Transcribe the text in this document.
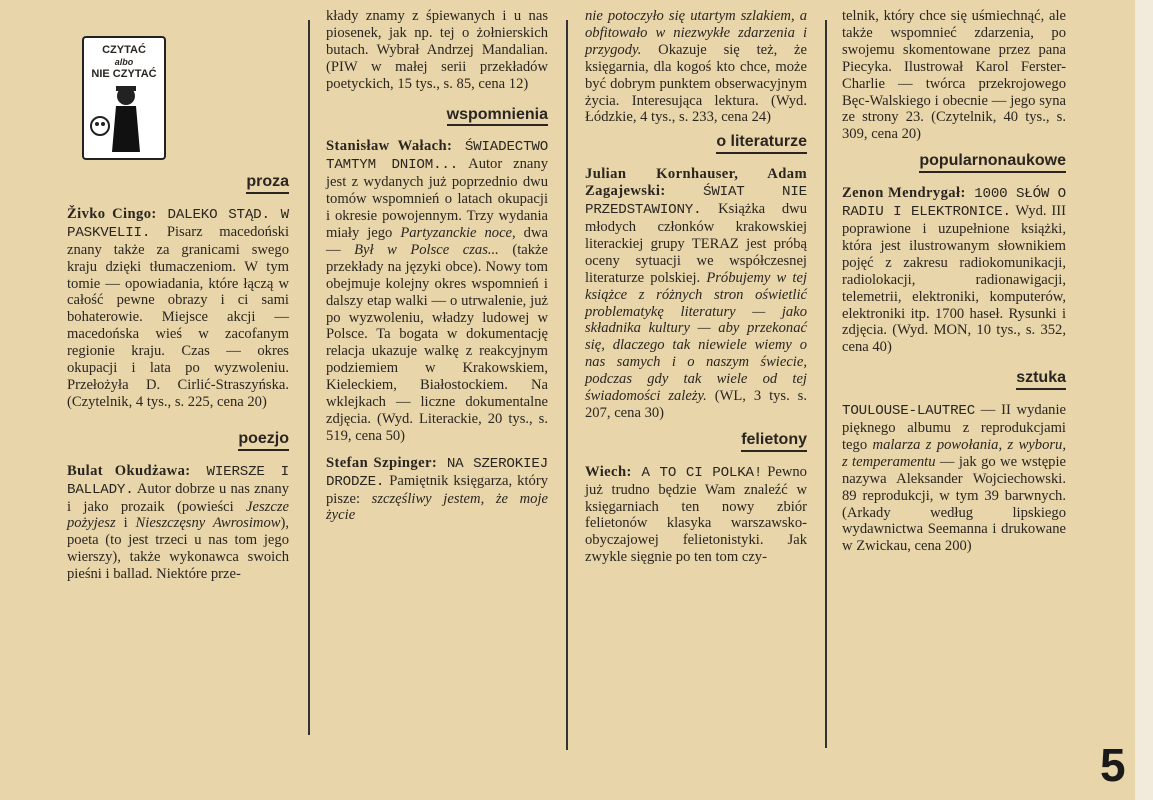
CZYTAĆ
albo
NIE CZYTAĆ
proza

Živko Cingo: DALEKO STĄD. W PASKVELII. Pisarz macedoński znany także za granicami swego kraju dzięki tłumaczeniom. W tym tomie — opowiadania, które łączą w całość pewne obrazy i ci sami bohaterowie. Miejsce akcji — macedońska wieś w zacofanym regionie kraju. Czas — okres okupacji i lata po wyzwoleniu. Przełożyła D. Cirlić-Straszyńska. (Czytelnik, 4 tys., s. 225, cena 20)

poezjo

Bulat Okudżawa: WIERSZE I BALLADY. Autor dobrze u nas znany i jako prozaik (powieści Jeszcze pożyjesz i Nieszczęsny Awrosimow), poeta (to jest trzeci u nas tom jego wierszy), także wykonawca swoich pieśni i ballad. Niektóre prze-

kłady znamy z śpiewanych i u nas piosenek, jak np. tej o żołnierskich butach. Wybrał Andrzej Mandalian. (PIW w małej serii przekładów poetyckich, 15 tys., s. 85, cena 12)

wspomnienia

Stanisław Wałach: ŚWIADECTWO TAMTYM DNIOM... Autor znany jest z wydanych już poprzednio dwu tomów wspomnień o latach okupacji i okresie powojennym. Trzy wydania miały jego Partyzanckie noce, dwa — Był w Polsce czas... (także przekłady na języki obce). Nowy tom obejmuje kolejny okres wspomnień i dalszy etap walki — o utrwalenie, już po wyzwoleniu, władzy ludowej w Polsce. Ta bogata w dokumentację relacja ukazuje walkę z reakcyjnym podziemiem w Krakowskiem, Kieleckiem, Białostockiem. Na wklejkach — liczne dokumentalne zdjęcia. (Wyd. Literackie, 20 tys., s. 519, cena 50)

Stefan Szpinger: NA SZEROKIEJ DRODZE. Pamiętnik księgarza, który pisze: szczęśliwy jestem, że moje życie

nie potoczyło się utartym szlakiem, a obfitowało w niezwykłe zdarzenia i przygody. Okazuje się też, że księgarnia, dla kogoś kto chce, może być dobrym punktem obserwacyjnym życia. Interesująca lektura. (Wyd. Łódzkie, 4 tys., s. 233, cena 24)

o literaturze

Julian Kornhauser, Adam Zagajewski: ŚWIAT NIE PRZEDSTAWIONY. Książka dwu młodych członków krakowskiej literackiej grupy TERAZ jest próbą oceny sytuacji we współczesnej literaturze polskiej. Próbujemy w tej książce z różnych stron oświetlić problematykę literatury — jako składnika kultury — aby przekonać się, dlaczego tak niewiele wiemy o nas samych i o naszym świecie, podczas gdy tak wiele od tej świadomości zależy. (WL, 3 tys. s. 207, cena 30)

felietony

Wiech: A TO CI POLKA! Pewno już trudno będzie Wam znaleźć w księgarniach ten nowy zbiór felietonów klasyka warszawsko-obyczajowej felietonistyki. Jak zwykle sięgnie po ten tom czy-

telnik, który chce się uśmiechnąć, ale także wspomnieć zdarzenia, po swojemu skomentowane przez pana Piecyka. Ilustrował Karol Ferster-Charlie — twórca przekrojowego Bęc-Walskiego i obecnie — jego syna ze strony 23. (Czytelnik, 40 tys., s. 309, cena 20)

popularnonaukowe

Zenon Mendrygał: 1000 SŁÓW O RADIU I ELEKTRONICE. Wyd. III poprawione i uzupełnione książki, która jest ilustrowanym słownikiem pojęć z zakresu radiokomunikacji, radiolokacji, radionawigacji, telemetrii, elektroniki, komputerów, elektroniki itp. 1700 haseł. Rysunki i zdjęcia. (Wyd. MON, 10 tys., s. 352, cena 40)

sztuka

TOULOUSE-LAUTREC — II wydanie pięknego albumu z reprodukcjami tego malarza z powołania, z wyboru, z temperamentu — jak go we wstępie nazywa Aleksander Wojciechowski. 89 reprodukcji, w tym 39 barwnych. (Arkady według lipskiego wydawnictwa Seemanna i drukowane w Zwickau, cena 200)

5
